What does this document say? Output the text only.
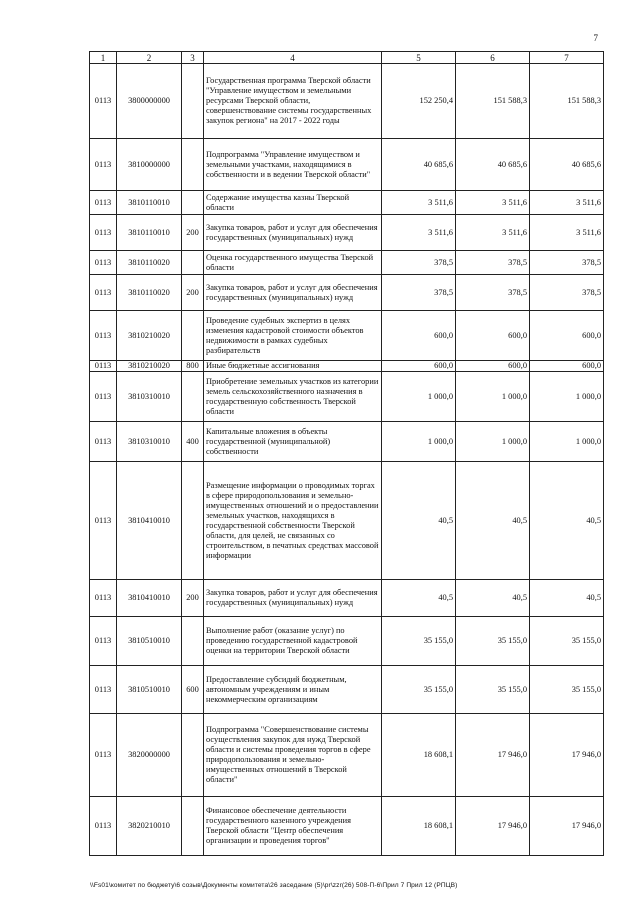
7
1	2	3	4	5	6	7
0113	3800000000		Государственная программа Тверской области "Управление имуществом и земельными ресурсами Тверской области, совершенствование системы государственных закупок региона" на 2017 - 2022 годы	152 250,4	151 588,3	151 588,3
0113	3810000000		Подпрограмма "Управление имуществом и земельными участками, находящимися в собственности и в ведении Тверской области"	40 685,6	40 685,6	40 685,6
0113	3810110010		Содержание имущества казны Тверской области	3 511,6	3 511,6	3 511,6
0113	3810110010	200	Закупка товаров, работ и услуг для обеспечения государственных (муниципальных) нужд	3 511,6	3 511,6	3 511,6
0113	3810110020		Оценка государственного имущества Тверской области	378,5	378,5	378,5
0113	3810110020	200	Закупка товаров, работ и услуг для обеспечения государственных (муниципальных) нужд	378,5	378,5	378,5
0113	3810210020		Проведение судебных экспертиз в целях изменения кадастровой стоимости объектов недвижимости в рамках судебных разбирательств	600,0	600,0	600,0
0113	3810210020	800	Иные бюджетные ассигнования	600,0	600,0	600,0
0113	3810310010		Приобретение земельных участков из категории земель сельскохозяйственного назначения в государственную собственность Тверской области	1 000,0	1 000,0	1 000,0
0113	3810310010	400	Капитальные вложения в объекты государственной (муниципальной) собственности	1 000,0	1 000,0	1 000,0
0113	3810410010		Размещение информации о проводимых торгах в сфере природопользования и земельно-имущественных отношений и о предоставлении земельных участков, находящихся в государственной собственности Тверской области, для целей, не связанных со строительством, в печатных средствах массовой информации	40,5	40,5	40,5
0113	3810410010	200	Закупка товаров, работ и услуг для обеспечения государственных (муниципальных) нужд	40,5	40,5	40,5
0113	3810510010		Выполнение работ (оказание услуг) по проведению государственной кадастровой оценки на территории Тверской области	35 155,0	35 155,0	35 155,0
0113	3810510010	600	Предоставление субсидий бюджетным, автономным учреждениям и иным некоммерческим организациям	35 155,0	35 155,0	35 155,0
0113	3820000000		Подпрограмма "Совершенствование системы осуществления закупок для нужд Тверской области и системы проведения торгов в сфере природопользования и земельно-имущественных отношений в Тверской области"	18 608,1	17 946,0	17 946,0
0113	3820210010		Финансовое обеспечение деятельности государственного казенного учреждения Тверской области "Центр обеспечения организации и проведения торгов"	18 608,1	17 946,0	17 946,0
\\Fs01\комитет по бюджету\6 созыв\Документы комитета\26 заседание (5)\pr\zzr(26) 508-П-6\Прил 7 Прил 12 (РПЦВ)
